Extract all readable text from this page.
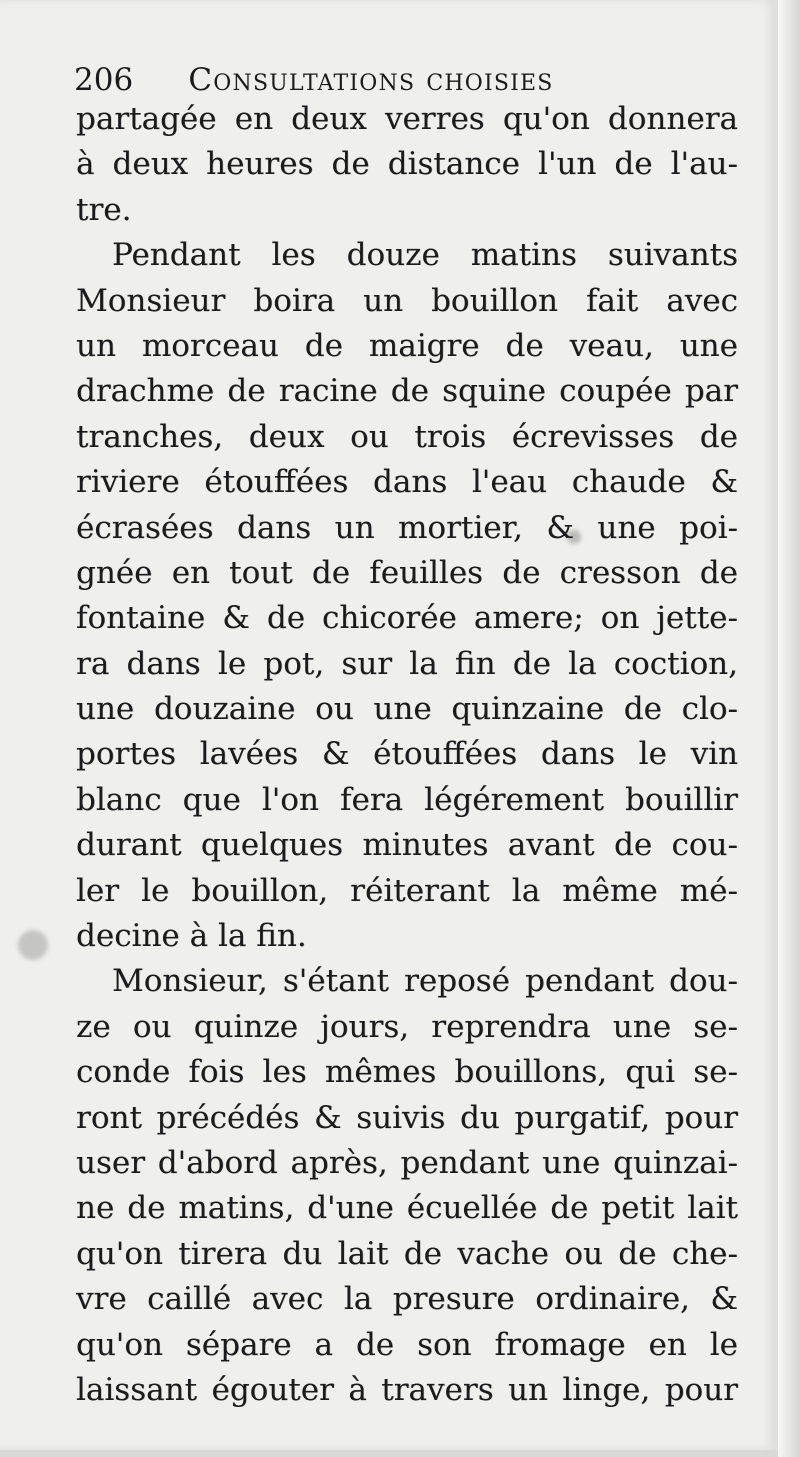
206 Consultations choisies
partagée en deux verres qu'on donnera
à deux heures de distance l'un de l'au-
tre.
Pendant les douze matins suivants
Monsieur boira un bouillon fait avec
un morceau de maigre de veau, une
drachme de racine de squine coupée par
tranches, deux ou trois écrevisses de
riviere étouffées dans l'eau chaude &
écrasées dans un mortier, & une poi-
gnée en tout de feuilles de cresson de
fontaine & de chicorée amere; on jette-
ra dans le pot, sur la fin de la coction,
une douzaine ou une quinzaine de clo-
portes lavées & étouffées dans le vin
blanc que l'on fera légérement bouillir
durant quelques minutes avant de cou-
ler le bouillon, réiterant la même mé-
decine à la fin.
Monsieur, s'étant reposé pendant dou-
ze ou quinze jours, reprendra une se-
conde fois les mêmes bouillons, qui se-
ront précédés & suivis du purgatif, pour
user d'abord après, pendant une quinzai-
ne de matins, d'une écuellée de petit lait
qu'on tirera du lait de vache ou de che-
vre caillé avec la presure ordinaire, &
qu'on sépare a de son fromage en le
laissant égouter à travers un linge, pour
